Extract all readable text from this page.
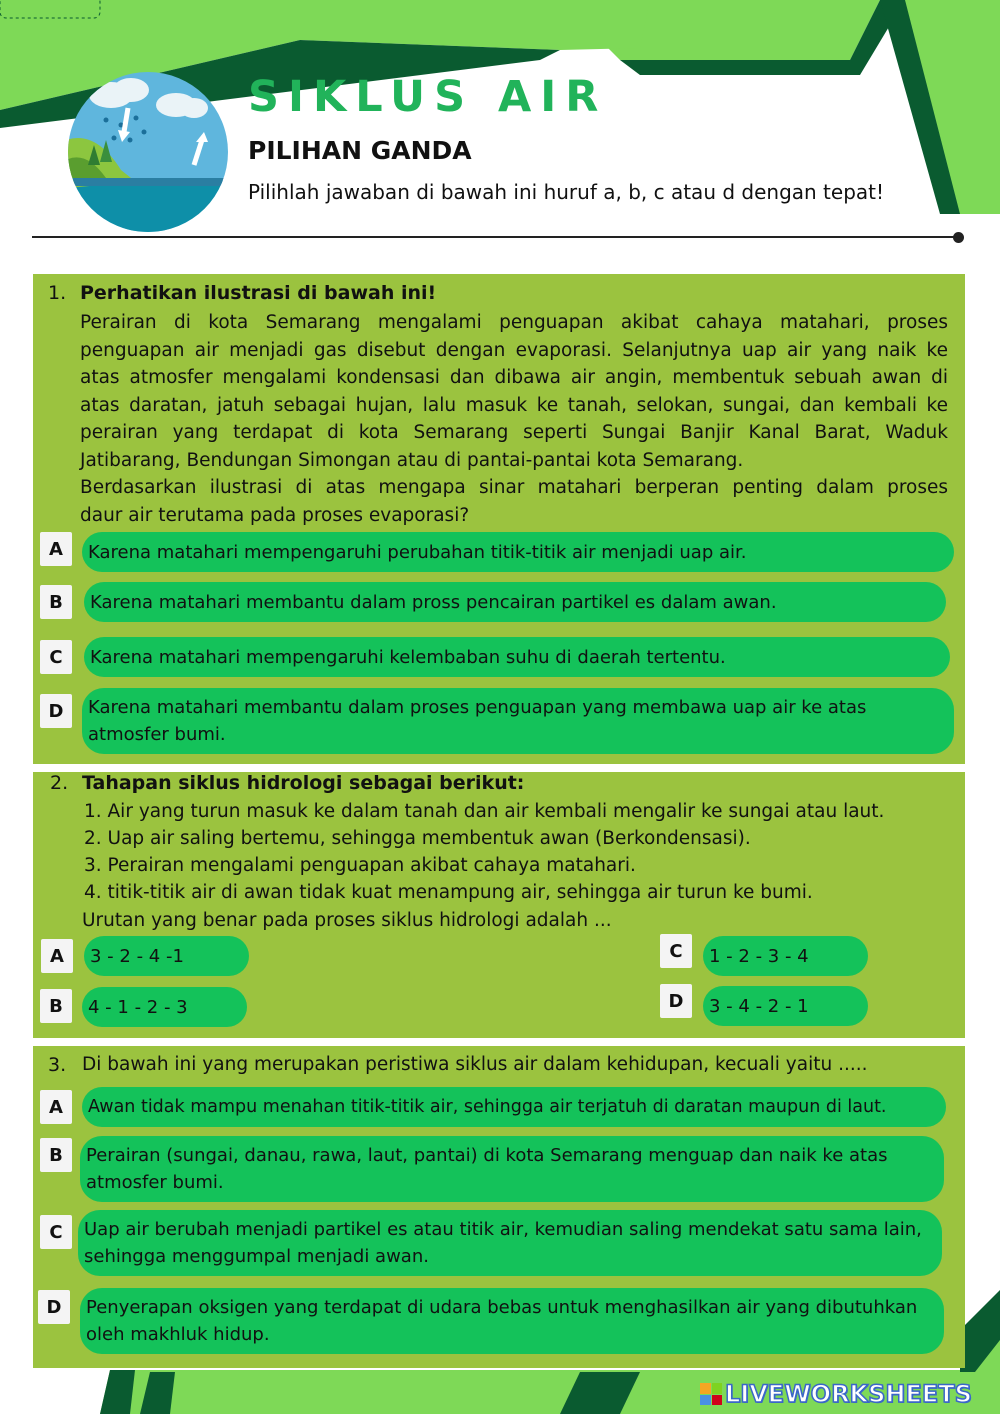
SIKLUS AIR
PILIHAN GANDA
Pilihlah jawaban di bawah ini huruf a, b, c atau d dengan tepat!
1. Perhatikan ilustrasi di bawah ini!
Perairan di kota Semarang mengalami penguapan akibat cahaya matahari, proses
penguapan air menjadi gas disebut dengan evaporasi. Selanjutnya uap air yang naik ke
atas atmosfer mengalami kondensasi dan dibawa air angin, membentuk sebuah awan di
atas daratan, jatuh sebagai hujan, lalu masuk ke tanah, selokan, sungai, dan kembali ke
perairan yang terdapat di kota Semarang seperti Sungai Banjir Kanal Barat, Waduk
Jatibarang, Bendungan Simongan atau di pantai-pantai kota Semarang.
Berdasarkan ilustrasi di atas mengapa sinar matahari berperan penting dalam proses
daur air terutama pada proses evaporasi?
A	Karena matahari mempengaruhi perubahan titik-titik air menjadi uap air.
B	Karena matahari membantu dalam pross pencairan partikel es dalam awan.
C	Karena matahari mempengaruhi kelembaban suhu di daerah tertentu.
D	Karena matahari membantu dalam proses penguapan yang membawa uap air ke atas atmosfer bumi.
2. Tahapan siklus hidrologi sebagai berikut:
1. Air yang turun masuk ke dalam tanah dan air kembali mengalir ke sungai atau laut.
2. Uap air saling bertemu, sehingga membentuk awan (Berkondensasi).
3. Perairan mengalami penguapan akibat cahaya matahari.
4. titik-titik air di awan tidak kuat menampung air, sehingga air turun ke bumi.
Urutan yang benar pada proses siklus hidrologi adalah ...
A	3 - 2 - 4 -1
B	4 - 1 - 2 - 3
C	1 - 2 - 3 - 4
D	3 - 4 - 2 - 1
3. Di bawah ini yang merupakan peristiwa siklus air dalam kehidupan, kecuali yaitu .....
A	Awan tidak mampu menahan titik-titik air, sehingga air terjatuh di daratan maupun di laut.
B	Perairan (sungai, danau, rawa, laut, pantai) di kota Semarang menguap dan naik ke atas atmosfer bumi.
C	Uap air berubah menjadi partikel es atau titik air, kemudian saling mendekat satu sama lain, sehingga menggumpal menjadi awan.
D	Penyerapan oksigen yang terdapat di udara bebas untuk menghasilkan air yang dibutuhkan oleh makhluk hidup.
LIVEWORKSHEETS
